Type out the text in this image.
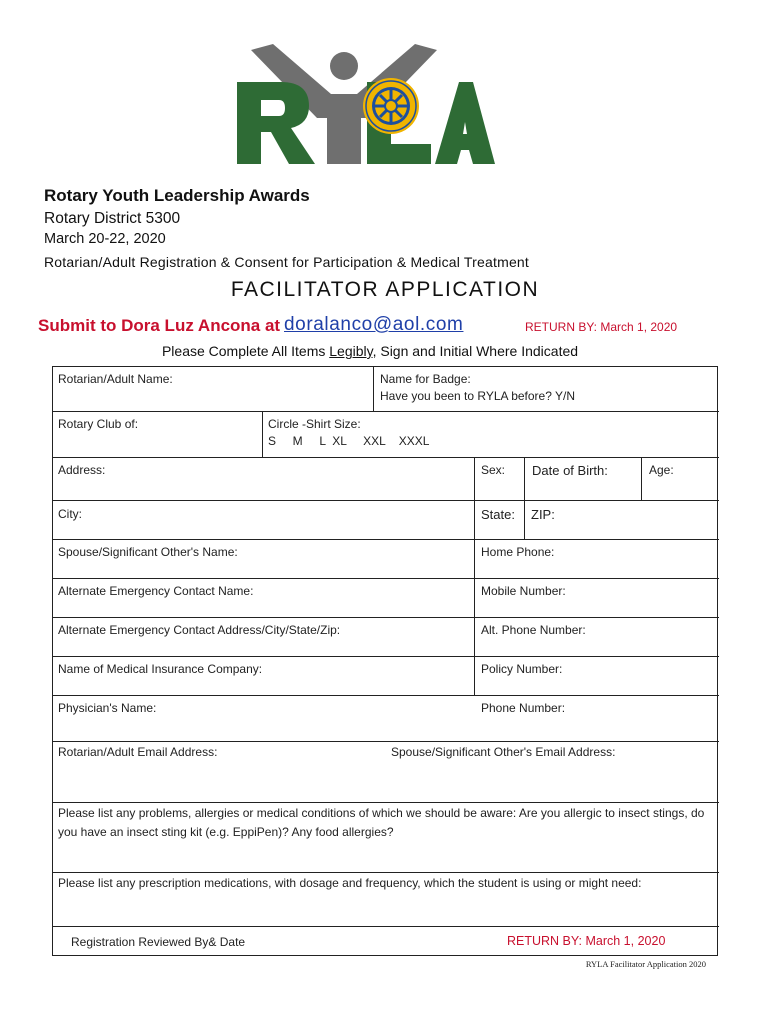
Rotary Youth Leadership Awards
Rotary District 5300
March 20-22, 2020
Rotarian/Adult Registration & Consent for Participation & Medical Treatment
FACILITATOR APPLICATION
Submit to Dora Luz Ancona at doralanco@aol.com	RETURN BY: March 1, 2020
Please Complete All Items Legibly, Sign and Initial Where Indicated
Rotarian/Adult Name:	Name for Badge:
Have you been to RYLA before? Y/N
Rotary Club of:	Circle -Shirt Size:
S     M     L  XL     XXL    XXXL
Address:	Sex: Date of Birth:	Age:
City:	State: ZIP:
Spouse/Significant Other's Name:	Home Phone:
Alternate Emergency Contact Name:	Mobile Number:
Alternate Emergency Contact Address/City/State/Zip:	Alt. Phone Number:
Name of Medical Insurance Company:	Policy Number:
Physician's Name:	Phone Number:
Rotarian/Adult Email Address:	Spouse/Significant Other's Email Address:
Please list any problems, allergies or medical conditions of which we should be aware: Are you allergic to insect stings, do you have an insect sting kit (e.g. EppiPen)? Any food allergies?
Please list any prescription medications, with dosage and frequency, which the student is using or might need:
Registration Reviewed By& Date	RETURN BY: March 1, 2020
RYLA Facilitator Application 2020
